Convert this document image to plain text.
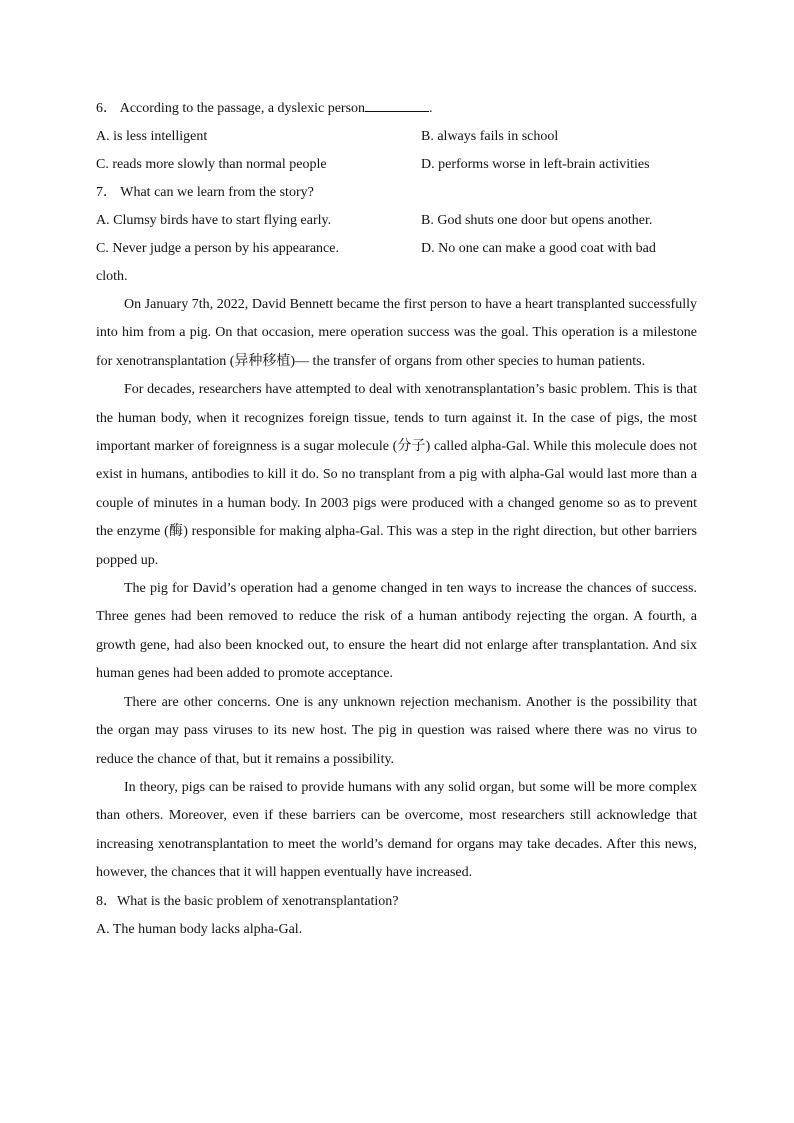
6． According to the passage, a dyslexic person	.
A. is less intelligent	B. always fails in school
C. reads more slowly than normal people	D. performs worse in left-brain activities
7． What can we learn from the story?
A. Clumsy birds have to start flying early.	B. God shuts one door but opens another.
C. Never judge a person by his appearance.	D. No one can make a good coat with bad
cloth.

On January 7th, 2022, David Bennett became the first person to have a heart transplanted successfully into him from a pig. On that occasion, mere operation success was the goal. This operation is a milestone for xenotransplantation (异种移植)— the transfer of organs from other species to human patients.

For decades, researchers have attempted to deal with xenotransplantation’s basic problem. This is that the human body, when it recognizes foreign tissue, tends to turn against it. In the case of pigs, the most important marker of foreignness is a sugar molecule (分子) called alpha-Gal. While this molecule does not exist in humans, antibodies to kill it do. So no transplant from a pig with alpha-Gal would last more than a couple of minutes in a human body. In 2003 pigs were produced with a changed genome so as to prevent the enzyme (酶) responsible for making alpha-Gal. This was a step in the right direction, but other barriers popped up.

The pig for David’s operation had a genome changed in ten ways to increase the chances of success. Three genes had been removed to reduce the risk of a human antibody rejecting the organ. A fourth, a growth gene, had also been knocked out, to ensure the heart did not enlarge after transplantation. And six human genes had been added to promote acceptance.

There are other concerns. One is any unknown rejection mechanism. Another is the possibility that the organ may pass viruses to its new host. The pig in question was raised where there was no virus to reduce the chance of that, but it remains a possibility.

In theory, pigs can be raised to provide humans with any solid organ, but some will be more complex than others. Moreover, even if these barriers can be overcome, most researchers still acknowledge that increasing xenotransplantation to meet the world’s demand for organs may take decades. After this news, however, the chances that it will happen eventually have increased.

8．What is the basic problem of xenotransplantation?
A. The human body lacks alpha-Gal.
